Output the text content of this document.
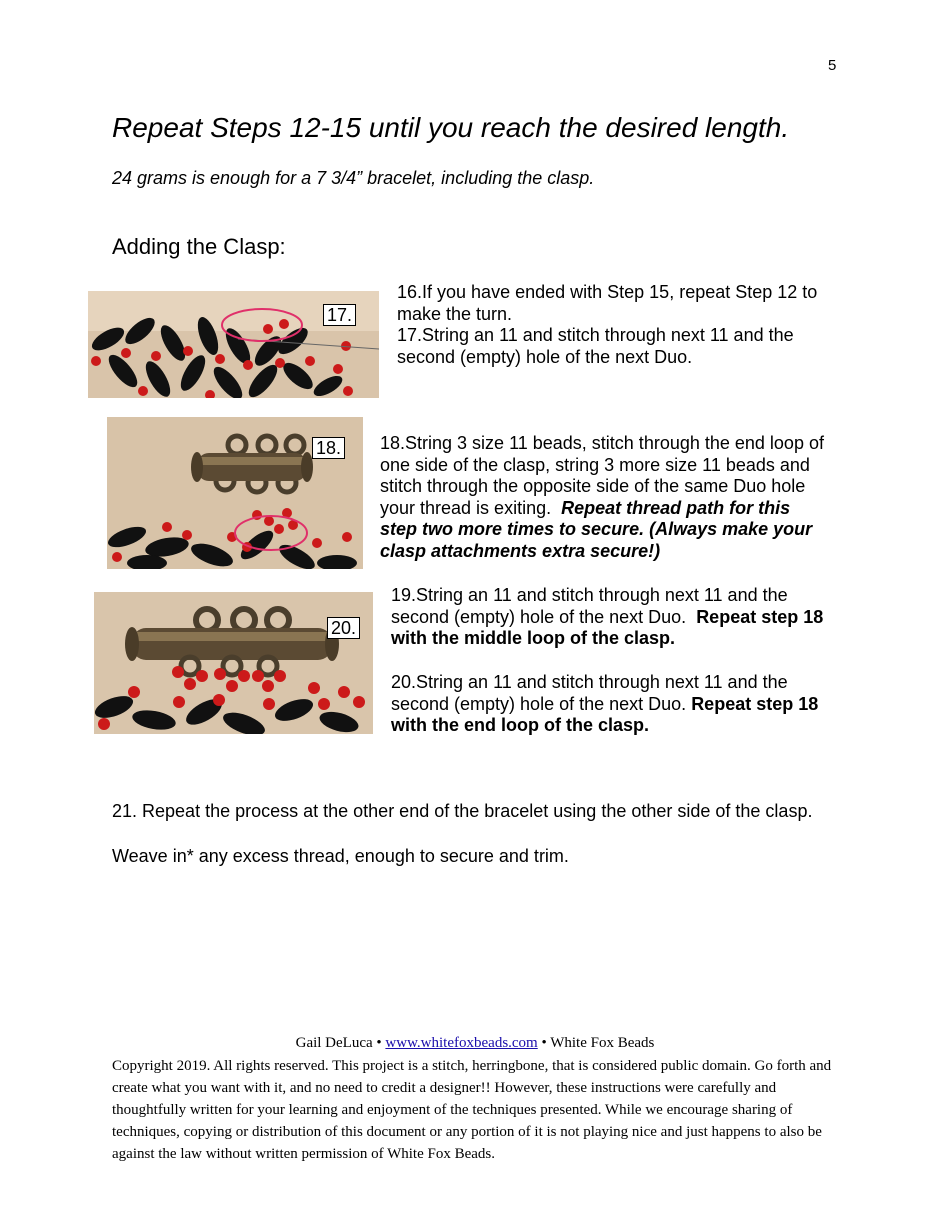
5
Repeat Steps 12-15 until you reach the desired length.
24 grams is enough for a 7 3/4” bracelet, including the clasp.
Adding the Clasp:
17.
16.If you have ended with Step 15, repeat Step 12 to make the turn.
17.String an 11 and stitch through next 11 and the second (empty) hole of the next Duo.
18. 18.String 3 size 11 beads, stitch through the end loop of one side of the clasp, string 3 more size 11 beads and stitch through the opposite side of the same Duo hole your thread is exiting. Repeat thread path for this step two more times to secure. (Always make your clasp attachments extra secure!)
20.
19.String an 11 and stitch through next 11 and the second (empty) hole of the next Duo. Repeat step 18 with the middle loop of the clasp.
20.String an 11 and stitch through next 11 and the second (empty) hole of the next Duo. Repeat step 18 with the end loop of the clasp.
21. Repeat the process at the other end of the bracelet using the other side of the clasp.
Weave in* any excess thread, enough to secure and trim.
Gail DeLuca • www.whitefoxbeads.com • White Fox Beads
Copyright 2019. All rights reserved. This project is a stitch, herringbone, that is considered public domain. Go forth and create what you want with it, and no need to credit a designer!! However, these instructions were carefully and thoughtfully written for your learning and enjoyment of the techniques presented. While we encourage sharing of techniques, copying or distribution of this document or any portion of it is not playing nice and just happens to also be against the law without written permission of White Fox Beads.
